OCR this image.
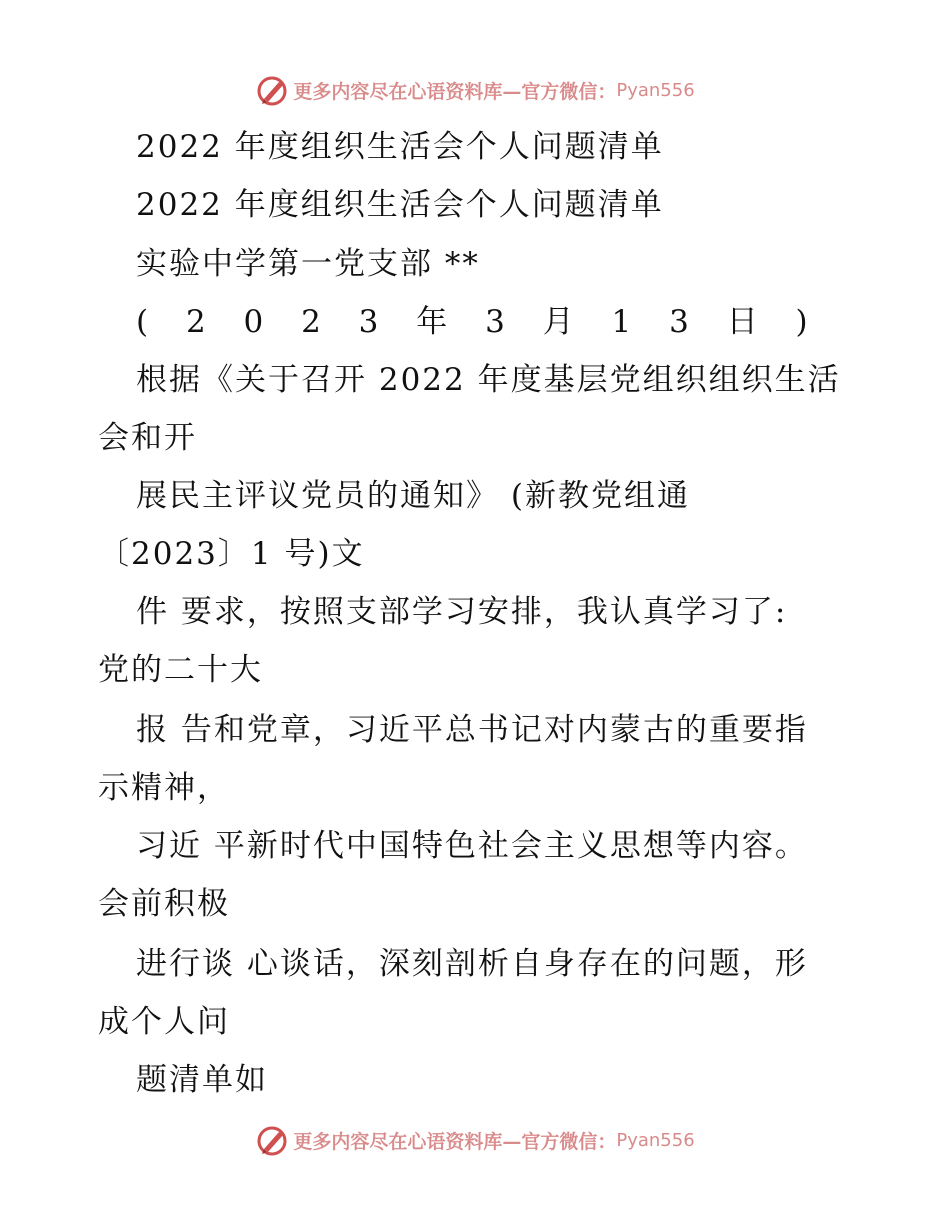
更多内容尽在心语资料库—官方微信： Pyan556
2022 年度组织生活会个人问题清单
2022 年度组织生活会个人问题清单
实验中学第一党支部 **
( 2 0 2 3 年 3 月 1 3 日 )
根据《关于召开 2022 年度基层党组织组织生活
会和开
展民主评议党员的通知》 (新教党组通
〔2023〕1 号)文
件 要求，按照支部学习安排，我认真学习了:
党的二十大
报 告和党章，习近平总书记对内蒙古的重要指
示精神，
习近 平新时代中国特色社会主义思想等内容。
会前积极
进行谈 心谈话，深刻剖析自身存在的问题，形
成个人问
题清单如
更多内容尽在心语资料库—官方微信： Pyan556
